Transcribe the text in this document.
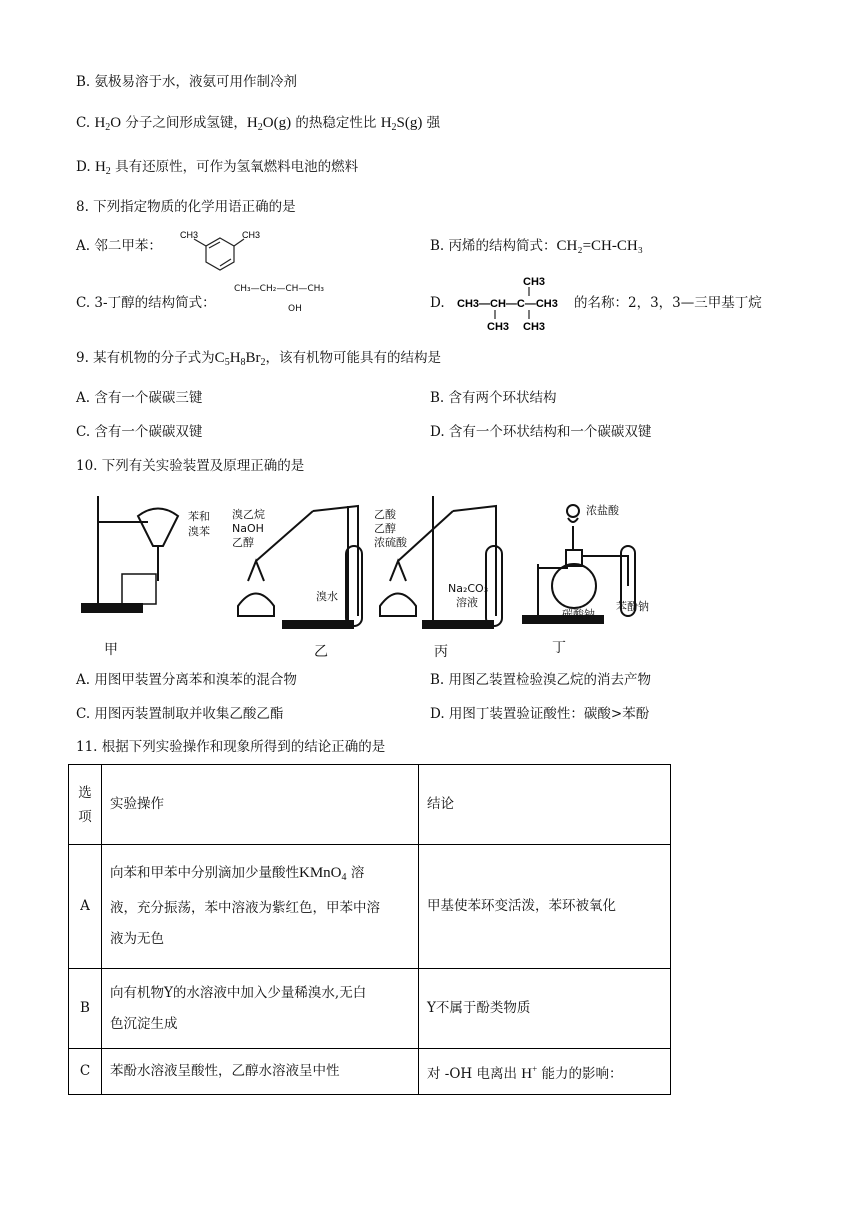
B. 氨极易溶于水，液氨可用作制冷剂
C. $H_2O$ 分子之间形成氢键，$H_2O(g)$ 的热稳定性比 $H_2S(g)$ 强
D. $H_2$ 具有还原性，可作为氢氧燃料电池的燃料
8. 下列指定物质的化学用语正确的是
A. 邻二甲苯：
CH3	CH3
B. 丙烯的结构简式：CH₂=CH-CH₃
C. 3-丁醇的结构简式：
CH₃—CH₂—CH—CH₃
OH	D. CH3—CH—C—CH3
CH3
CH3 CH3
的名称：2，3，3—三甲基丁烷
9. 某有机物的分子式为$C_5H_8Br_2$，该有机物可能具有的结构是
A. 含有一个碳碳三键	B. 含有两个环状结构
C. 含有一个碳碳双键	D. 含有一个环状结构和一个碳碳双键
10. 下列有关实验装置及原理正确的是
苯和
溴苯
溴乙烷
NaOH
乙醇
溴水
乙酸
乙醇
浓硫酸
Na₂CO₃
溶液
浓盐酸
碳酸钠
苯酚钠
甲	乙	丙	丁
A. 用图甲装置分离苯和溴苯的混合物	B. 用图乙装置检验溴乙烷的消去产物
C. 用图丙装置制取并收集乙酸乙酯	D. 用图丁装置验证酸性：碳酸>苯酚
11. 根据下列实验操作和现象所得到的结论正确的是
选
项	实验操作	结论
A	向苯和甲苯中分别滴加少量酸性KMnO$_4$ 溶
液，充分振荡，苯中溶液为紫红色，甲苯中溶
液为无色	甲基使苯环变活泼，苯环被氧化
B	向有机物Y的水溶液中加入少量稀溴水,无白
色沉淀生成	Y不属于酚类物质
C	苯酚水溶液呈酸性，乙醇水溶液呈中性	对 -OH 电离出 H+ 能力的影响：
